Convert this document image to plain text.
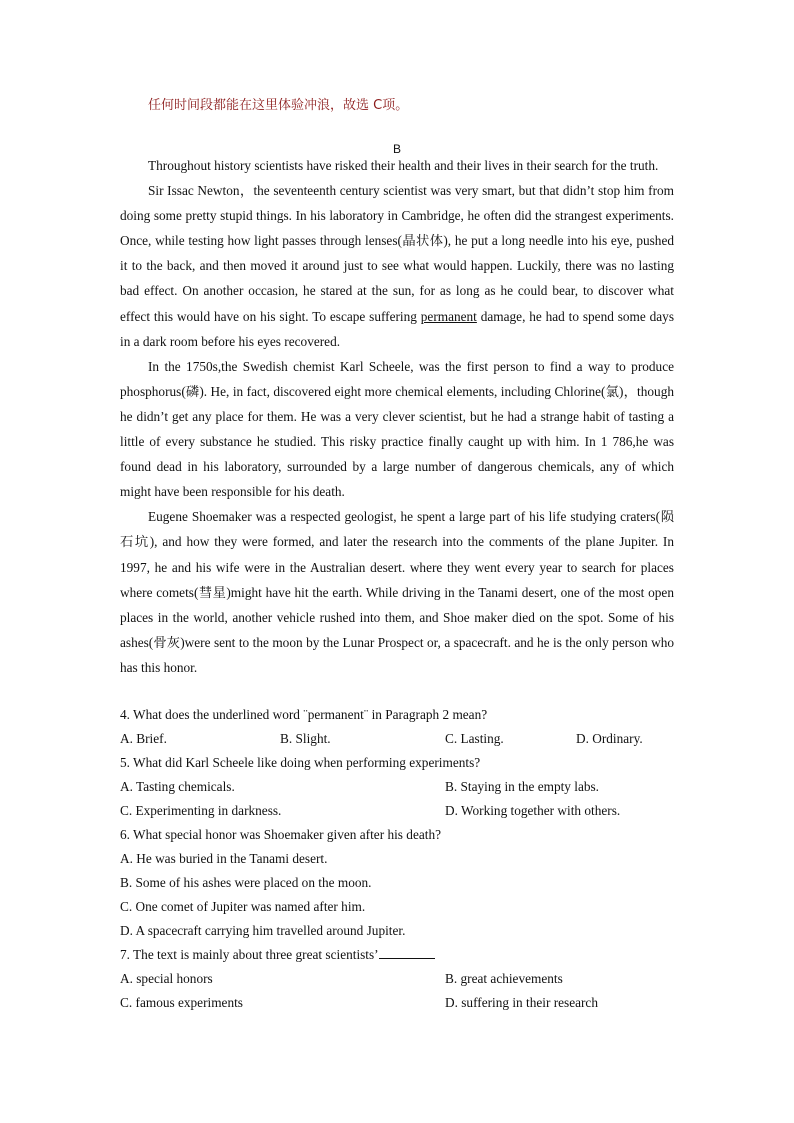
任何时间段都能在这里体验冲浪，故选 C项。
B

Throughout history scientists have risked their health and their lives in their search for the truth.

Sir Issac Newton，the seventeenth century scientist was very smart, but that didn’t stop him from doing some pretty stupid things. In his laboratory in Cambridge, he often did the strangest experiments. Once, while testing how light passes through lenses(晶状体), he put a long needle into his eye, pushed it to the back, and then moved it around just to see what would happen. Luckily, there was no lasting bad effect. On another occasion, he stared at the sun, for as long as he could bear, to discover what effect this would have on his sight. To escape suffering permanent damage, he had to spend some days in a dark room before his eyes recovered.

In the 1750s,the Swedish chemist Karl Scheele, was the first person to find a way to produce phosphorus(磷). He, in fact, discovered eight more chemical elements, including Chlorine(氯)，though he didn’t get any place for them. He was a very clever scientist, but he had a strange habit of tasting a little of every substance he studied. This risky practice finally caught up with him. In 1 786,he was found dead in his laboratory, surrounded by a large number of dangerous chemicals, any of which might have been responsible for his death.

Eugene Shoemaker was a respected geologist, he spent a large part of his life studying craters(陨石坑), and how they were formed, and later the research into the comments of the plane Jupiter. In 1997, he and his wife were in the Australian desert. where they went every year to search for places where comets(彗星)might have hit the earth. While driving in the Tanami desert, one of the most open places in the world, another vehicle rushed into them, and Shoe maker died on the spot. Some of his ashes(骨灰)were sent to the moon by the Lunar Prospect or, a spacecraft. and he is the only person who has this honor.

4. What does the underlined word ¨permanent¨ in Paragraph 2 mean?
A. Brief.	B. Slight.	C. Lasting.	D. Ordinary.
5. What did Karl Scheele like doing when performing experiments?
A. Tasting chemicals.	B. Staying in the empty labs.
C. Experimenting in darkness.	D. Working together with others.
6. What special honor was Shoemaker given after his death?
A. He was buried in the Tanami desert.
B. Some of his ashes were placed on the moon.
C. One comet of Jupiter was named after him.
D. A spacecraft carrying him travelled around Jupiter.
7. The text is mainly about three great scientists’
A. special honors	B. great achievements
C. famous experiments	D. suffering in their research
